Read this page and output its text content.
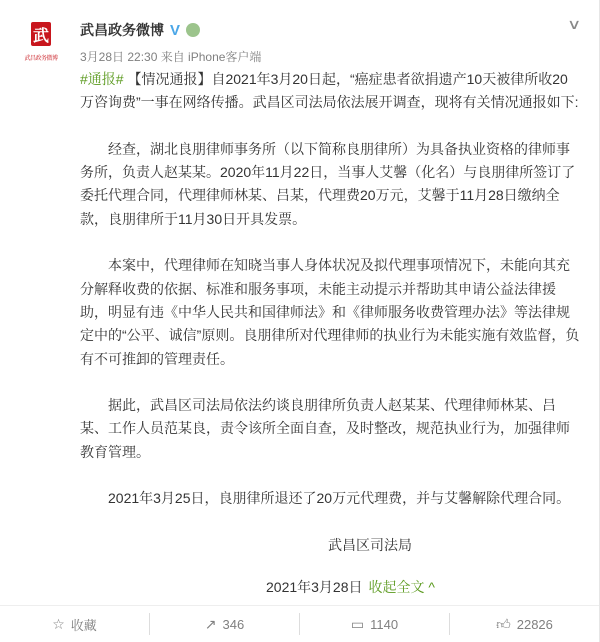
武
武昌政务微博
武昌政务微博 V
3月28日 22:30 来自 iPhone客户端
∨

#通报# 【情况通报】自2021年3月20日起，“癌症患者欲捐遗产10天被律所收20万咨询费”一事在网络传播。武昌区司法局依法展开调查，现将有关情况通报如下:

经查，湖北良朋律师事务所（以下简称良朋律所）为具备执业资格的律师事务所，负责人赵某某。2020年11月22日，当事人艾馨（化名）与良朋律所签订了委托代理合同，代理律师林某、吕某，代理费20万元，艾馨于11月28日缴纳全款，良朋律所于11月30日开具发票。

本案中，代理律师在知晓当事人身体状况及拟代理事项情况下，未能向其充分解释收费的依据、标准和服务事项，未能主动提示并帮助其申请公益法律援助，明显有违《中华人民共和国律师法》和《律师服务收费管理办法》等法律规定中的“公平、诚信”原则。良朋律所对代理律师的执业行为未能实施有效监督，负有不可推卸的管理责任。

据此，武昌区司法局依法约谈良朋律所负责人赵某某、代理律师林某、吕某、工作人员范某良，责令该所全面自查，及时整改，规范执业行为，加强律师教育管理。

2021年3月25日，良朋律所退还了20万元代理费，并与艾馨解除代理合同。

武昌区司法局
2021年3月28日 收起全文 ^
☆ 收藏	↗ 346	▭ 1140	👍︎ 22826
